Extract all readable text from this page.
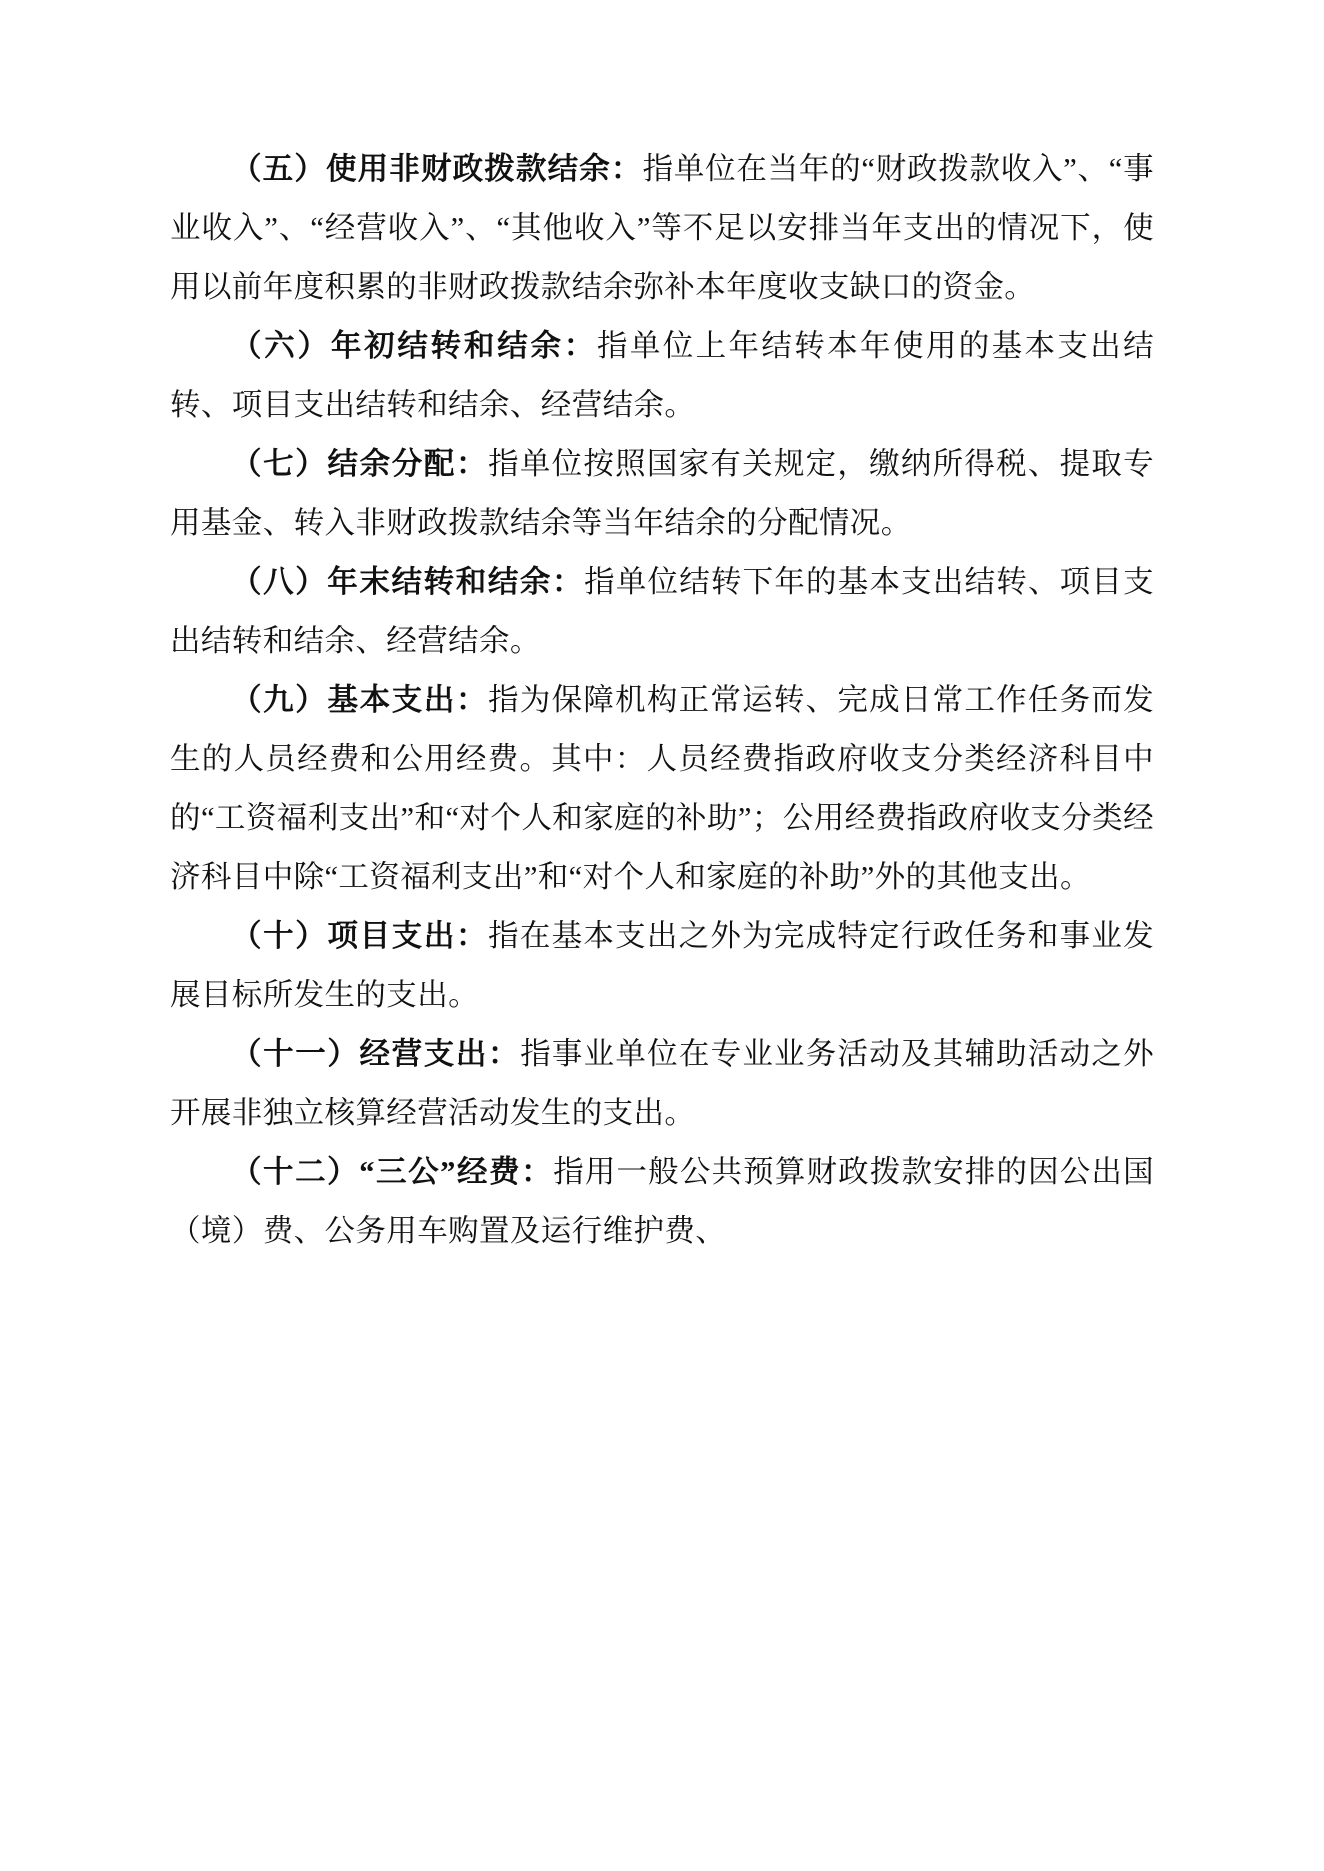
（五）使用非财政拨款结余：指单位在当年的“财政拨款收入”、“事业收入”、“经营收入”、“其他收入”等不足以安排当年支出的情况下，使用以前年度积累的非财政拨款结余弥补本年度收支缺口的资金。

（六）年初结转和结余：指单位上年结转本年使用的基本支出结转、项目支出结转和结余、经营结余。

（七）结余分配：指单位按照国家有关规定，缴纳所得税、提取专用基金、转入非财政拨款结余等当年结余的分配情况。

（八）年末结转和结余：指单位结转下年的基本支出结转、项目支出结转和结余、经营结余。

（九）基本支出：指为保障机构正常运转、完成日常工作任务而发生的人员经费和公用经费。其中：人员经费指政府收支分类经济科目中的“工资福利支出”和“对个人和家庭的补助”；公用经费指政府收支分类经济科目中除“工资福利支出”和“对个人和家庭的补助”外的其他支出。

（十）项目支出：指在基本支出之外为完成特定行政任务和事业发展目标所发生的支出。

（十一）经营支出：指事业单位在专业业务活动及其辅助活动之外开展非独立核算经营活动发生的支出。

（十二）“三公”经费：指用一般公共预算财政拨款安排的因公出国（境）费、公务用车购置及运行维护费、
